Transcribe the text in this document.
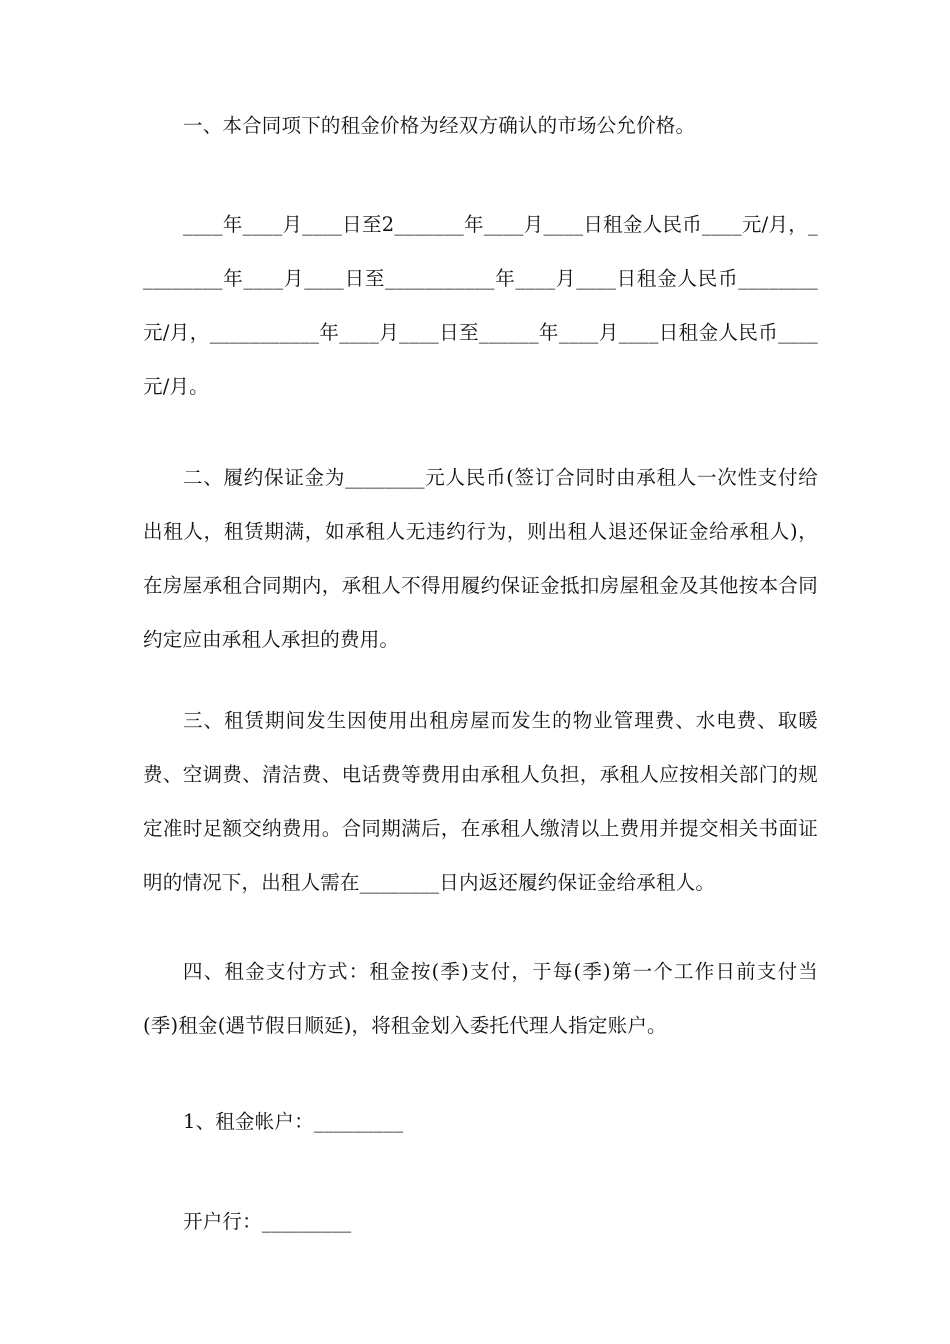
一、本合同项下的租金价格为经双方确认的市场公允价格。

____年____月____日至2_______年____月____日租金人民币____元/月，_________年____月____日至___________年____月____日租金人民币________元/月，___________年____月____日至______年____月____日租金人民币____元/月。

二、履约保证金为________元人民币(签订合同时由承租人一次性支付给出租人，租赁期满，如承租人无违约行为，则出租人退还保证金给承租人)，在房屋承租合同期内，承租人不得用履约保证金抵扣房屋租金及其他按本合同约定应由承租人承担的费用。

三、租赁期间发生因使用出租房屋而发生的物业管理费、水电费、取暖费、空调费、清洁费、电话费等费用由承租人负担，承租人应按相关部门的规定准时足额交纳费用。合同期满后，在承租人缴清以上费用并提交相关书面证明的情况下，出租人需在________日内返还履约保证金给承租人。

四、租金支付方式：租金按(季)支付，于每(季)第一个工作日前支付当(季)租金(遇节假日顺延)，将租金划入委托代理人指定账户。

1、租金帐户：_________

开户行：_________
